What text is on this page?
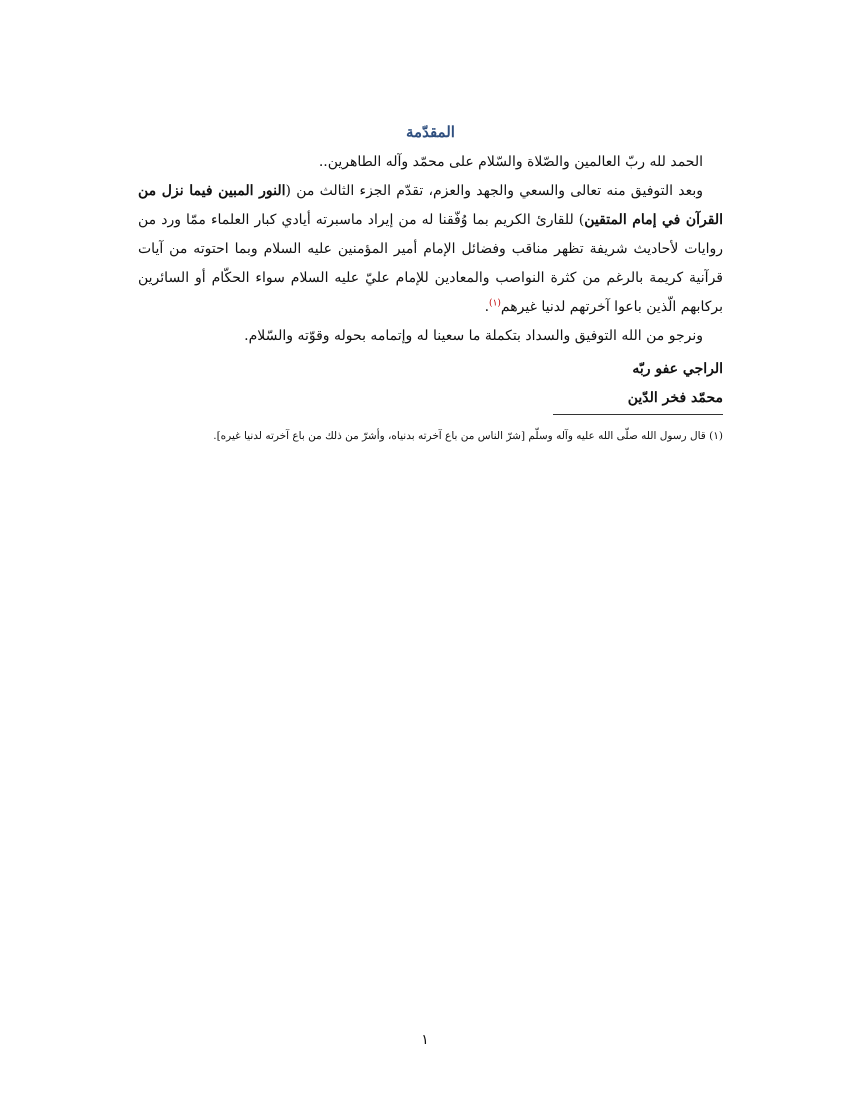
المقدّمة

الحمد لله ربّ العالمين والصّلاة والسّلام على محمّد وآله الطاهرين..

وبعد التوفيق منه تعالى والسعي والجهد والعزم، تقدّم الجزء الثالث من (النور المبين فيما نزل من القرآن في إمام المتقين) للقارئ الكريم بما وُفّقنا له من إيراد ماسبرته أيادي كبار العلماء ممّا ورد من روايات لأحاديث شريفة تظهر مناقب وفضائل الإمام أمير المؤمنين عليه السلام وبما احتوته من آيات قرآنية كريمة بالرغم من كثرة النواصب والمعادين للإمام عليّ عليه السلام سواء الحكّام أو السائرين بركابهم الّذين باعوا آخرتهم لدنيا غيرهم$^{(١)}$.

ونرجو من الله التوفيق والسداد بتكملة ما سعينا له وإتمامه بحوله وقوّته والسّلام.

الراجي عفو ربّه
محمّد فخر الدّين
(١) قال رسول الله صلّى الله عليه وآله وسلّم [شرّ الناس من باع آخرته بدنياه، وأشرّ من ذلك من باع آخرته لدنيا غيره].
١
